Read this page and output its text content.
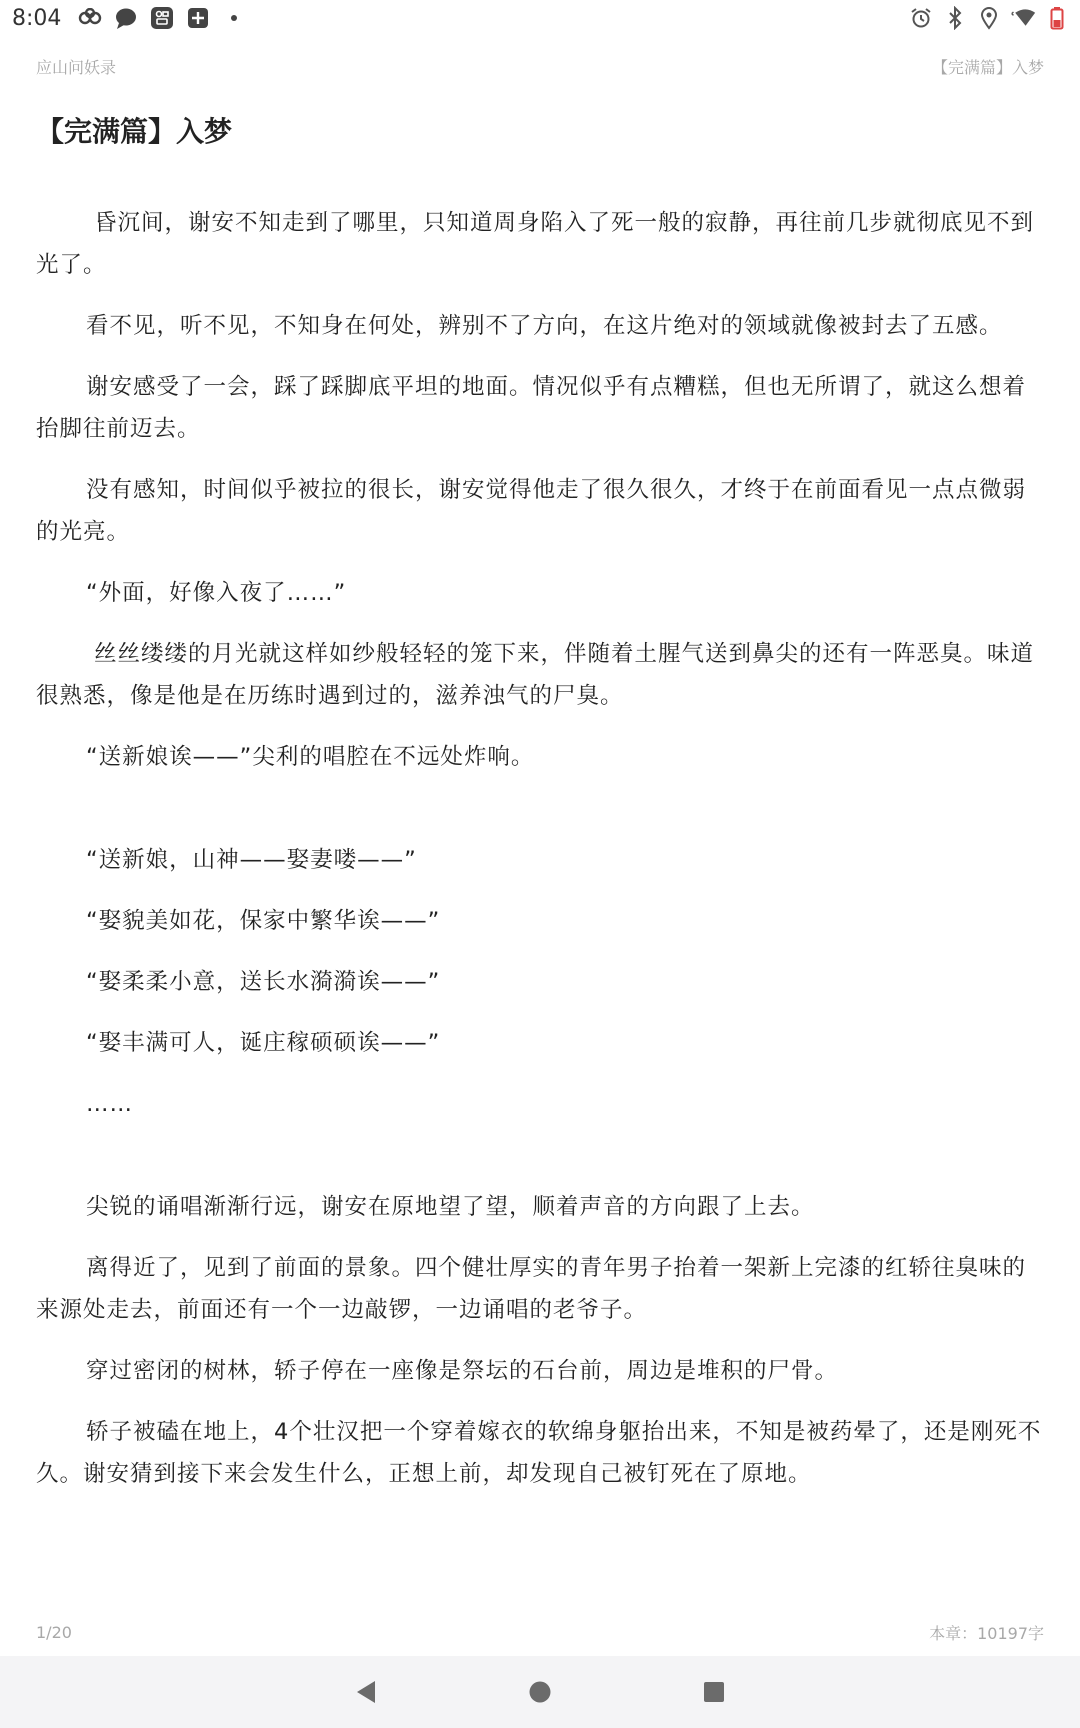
8:04
应山问妖录	【完满篇】入梦
【完满篇】入梦

昏沉间，谢安不知走到了哪里，只知道周身陷入了死一般的寂静，再往前几步就彻底见不到光了。

看不见，听不见，不知身在何处，辨别不了方向，在这片绝对的领域就像被封去了五感。

谢安感受了一会，踩了踩脚底平坦的地面。情况似乎有点糟糕，但也无所谓了，就这么想着抬脚往前迈去。

没有感知，时间似乎被拉的很长，谢安觉得他走了很久很久，才终于在前面看见一点点微弱的光亮。

“外面，好像入夜了……”

丝丝缕缕的月光就这样如纱般轻轻的笼下来，伴随着土腥气送到鼻尖的还有一阵恶臭。味道很熟悉，像是他是在历练时遇到过的，滋养浊气的尸臭。

“送新娘诶——”尖利的唱腔在不远处炸响。

“送新娘，山神——娶妻喽——”

“娶貌美如花，保家中繁华诶——”

“娶柔柔小意，送长水漪漪诶——”

“娶丰满可人，诞庄稼硕硕诶——”

……

尖锐的诵唱渐渐行远，谢安在原地望了望，顺着声音的方向跟了上去。

离得近了，见到了前面的景象。四个健壮厚实的青年男子抬着一架新上完漆的红轿往臭味的来源处走去，前面还有一个一边敲锣，一边诵唱的老爷子。

穿过密闭的树林，轿子停在一座像是祭坛的石台前，周边是堆积的尸骨。

轿子被磕在地上，4个壮汉把一个穿着嫁衣的软绵身躯抬出来，不知是被药晕了，还是刚死不久。谢安猜到接下来会发生什么，正想上前，却发现自己被钉死在了原地。

1/20	本章：10197字
